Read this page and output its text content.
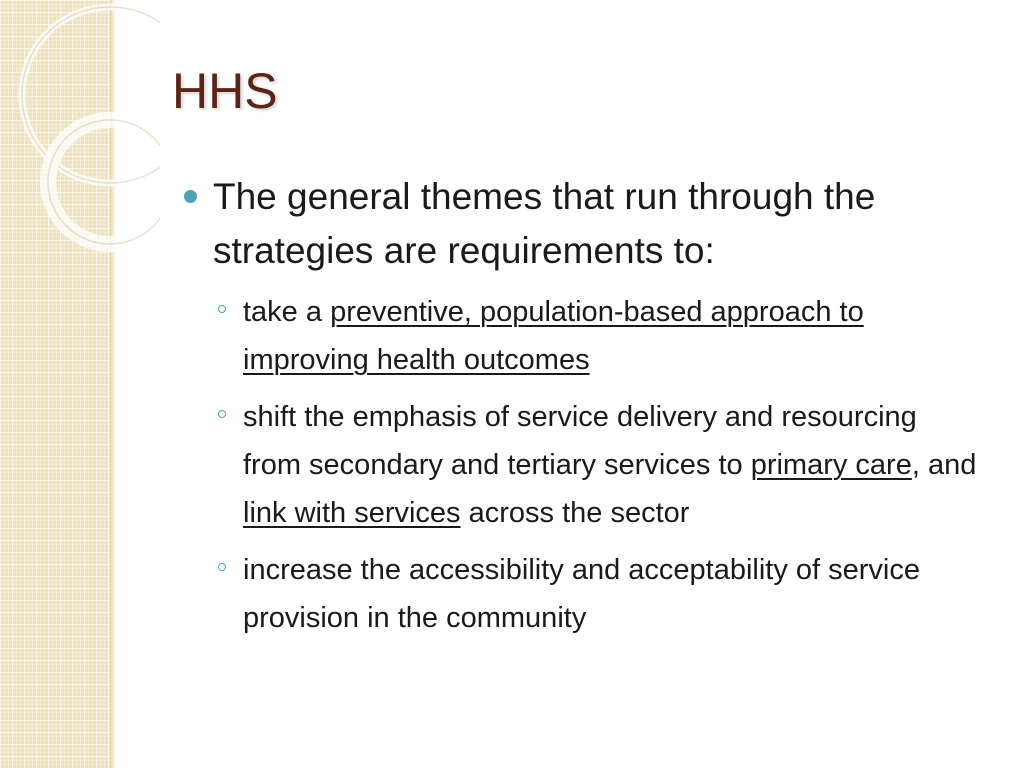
HHS
The general themes that run through the strategies are requirements to:
take a preventive, population-based approach to improving health outcomes
shift the emphasis of service delivery and resourcing from secondary and tertiary services to primary care, and link with services across the sector
increase the accessibility and acceptability of service provision in the community
